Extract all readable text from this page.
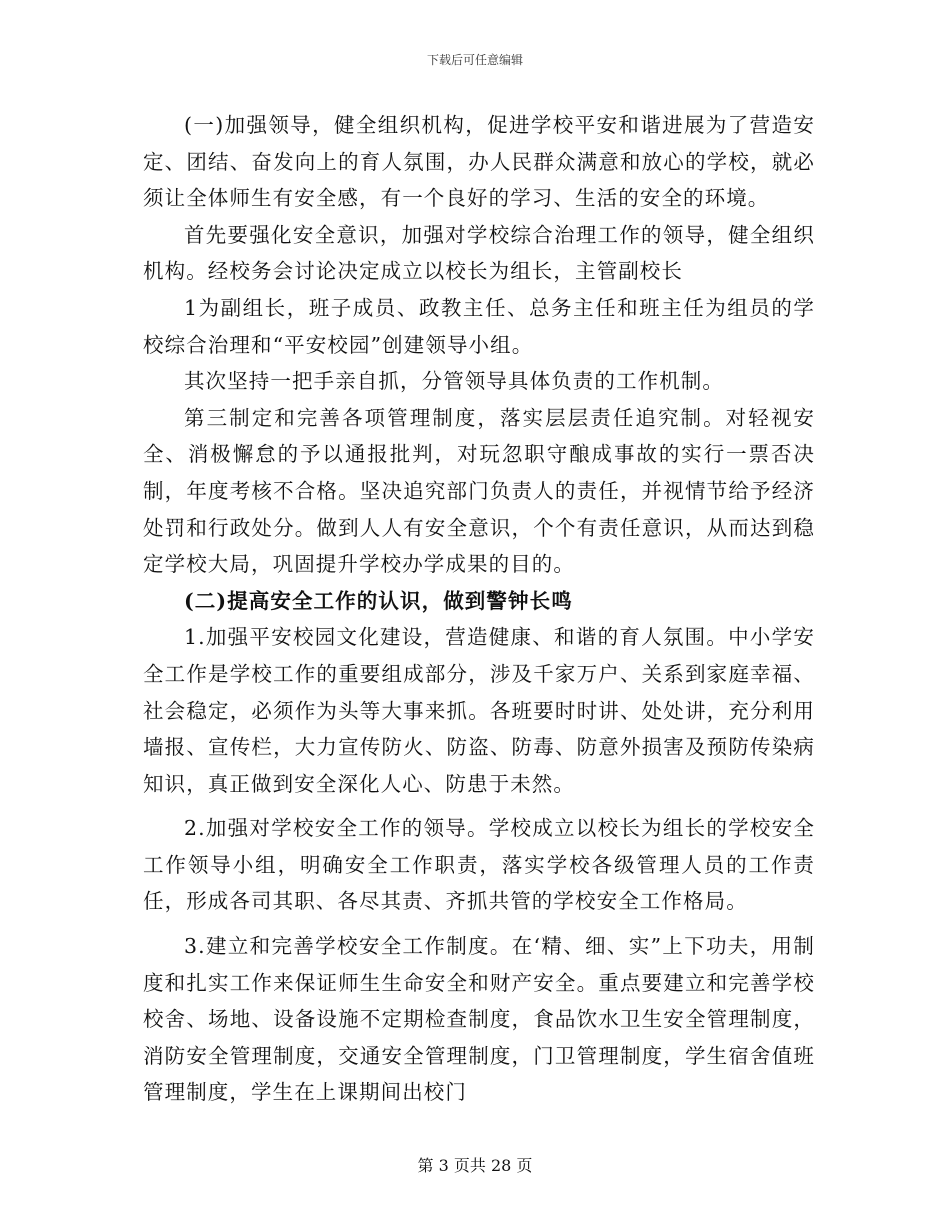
下载后可任意编辑

(一)加强领导，健全组织机构，促进学校平安和谐进展为了营造安定、团结、奋发向上的育人氛围，办人民群众满意和放心的学校，就必须让全体师生有安全感，有一个良好的学习、生活的安全的环境。

首先要强化安全意识，加强对学校综合治理工作的领导，健全组织机构。经校务会讨论决定成立以校长为组长，主管副校长

1为副组长，班子成员、政教主任、总务主任和班主任为组员的学校综合治理和“平安校园”创建领导小组。

其次坚持一把手亲自抓，分管领导具体负责的工作机制。

第三制定和完善各项管理制度，落实层层责任追究制。对轻视安全、消极懈怠的予以通报批判，对玩忽职守酿成事故的实行一票否决制，年度考核不合格。坚决追究部门负责人的责任，并视情节给予经济处罚和行政处分。做到人人有安全意识，个个有责任意识，从而达到稳定学校大局，巩固提升学校办学成果的目的。

(二)提高安全工作的认识，做到警钟长鸣

1.加强平安校园文化建设，营造健康、和谐的育人氛围。中小学安全工作是学校工作的重要组成部分，涉及千家万户、关系到家庭幸福、社会稳定，必须作为头等大事来抓。各班要时时讲、处处讲，充分利用墙报、宣传栏，大力宣传防火、防盗、防毒、防意外损害及预防传染病知识，真正做到安全深化人心、防患于未然。

2.加强对学校安全工作的领导。学校成立以校长为组长的学校安全工作领导小组，明确安全工作职责，落实学校各级管理人员的工作责任，形成各司其职、各尽其责、齐抓共管的学校安全工作格局。

3.建立和完善学校安全工作制度。在‘精、细、实”上下功夫，用制度和扎实工作来保证师生生命安全和财产安全。重点要建立和完善学校校舍、场地、设备设施不定期检查制度，食品饮水卫生安全管理制度，消防安全管理制度，交通安全管理制度，门卫管理制度，学生宿舍值班管理制度，学生在上课期间出校门

第 3 页共 28 页
